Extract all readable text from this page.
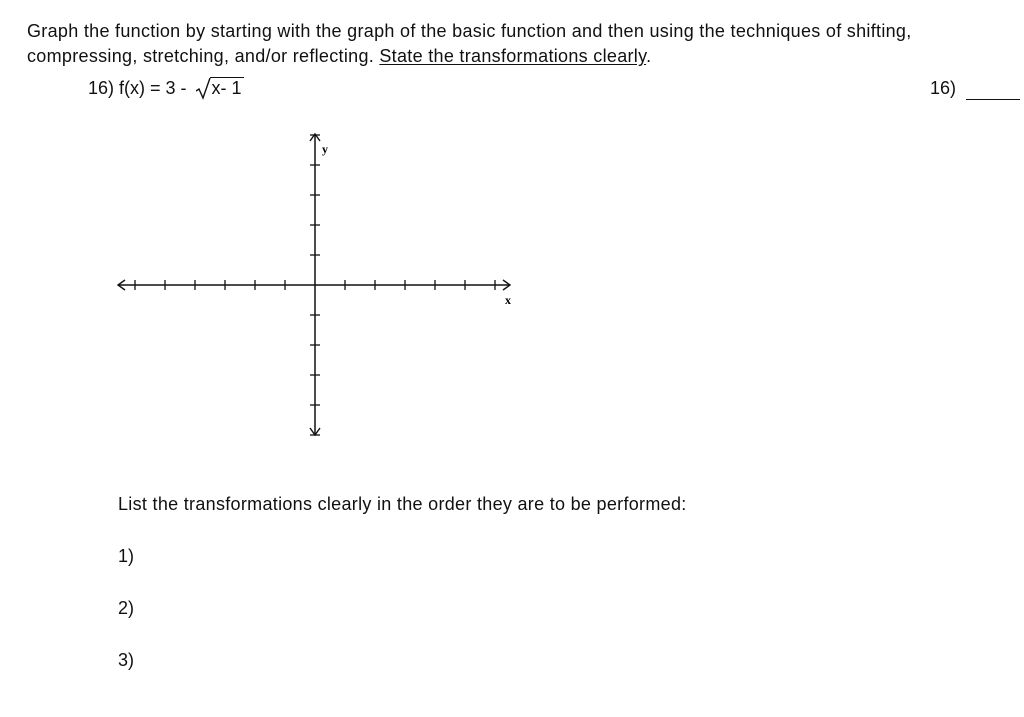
Graph the function by starting with the graph of the basic function and then using the techniques of shifting, compressing, stretching, and/or reflecting. State the transformations clearly.
16) f(x) = 3 -
x- 1	16)
y
x
List the transformations clearly in the order they are to be performed:
1)
2)
3)
